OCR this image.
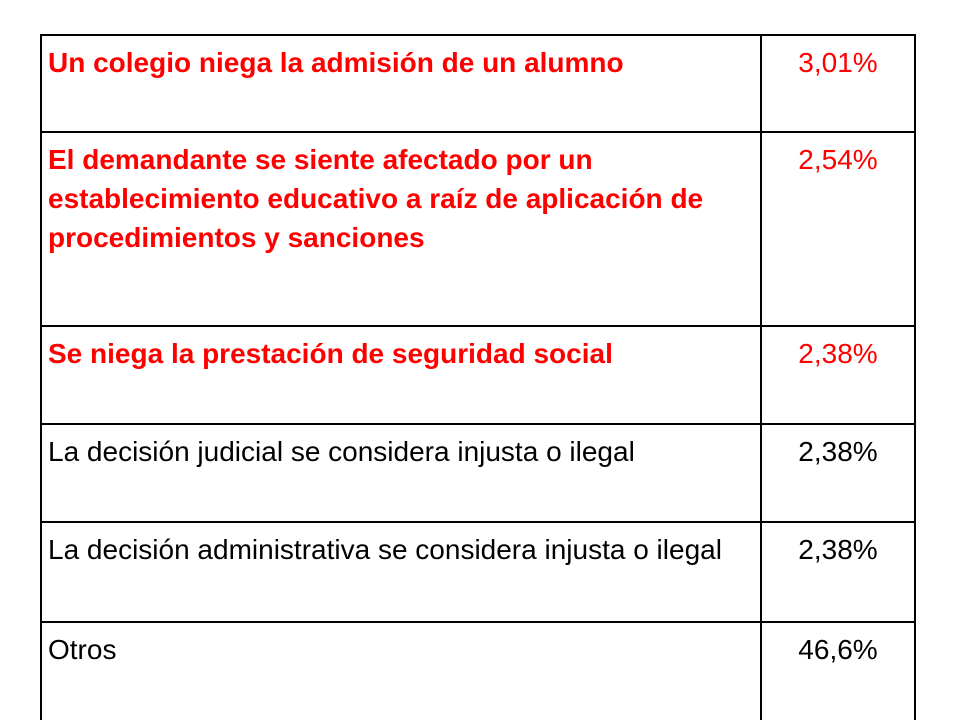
Un colegio niega la admisión de un alumno	3,01%
El demandante se siente afectado por un establecimiento educativo a raíz de aplicación de procedimientos y sanciones	2,54%
Se niega la prestación de seguridad social	2,38%
La decisión judicial se considera injusta o ilegal	2,38%
La decisión administrativa se considera injusta o ilegal	2,38%
Otros	46,6%
